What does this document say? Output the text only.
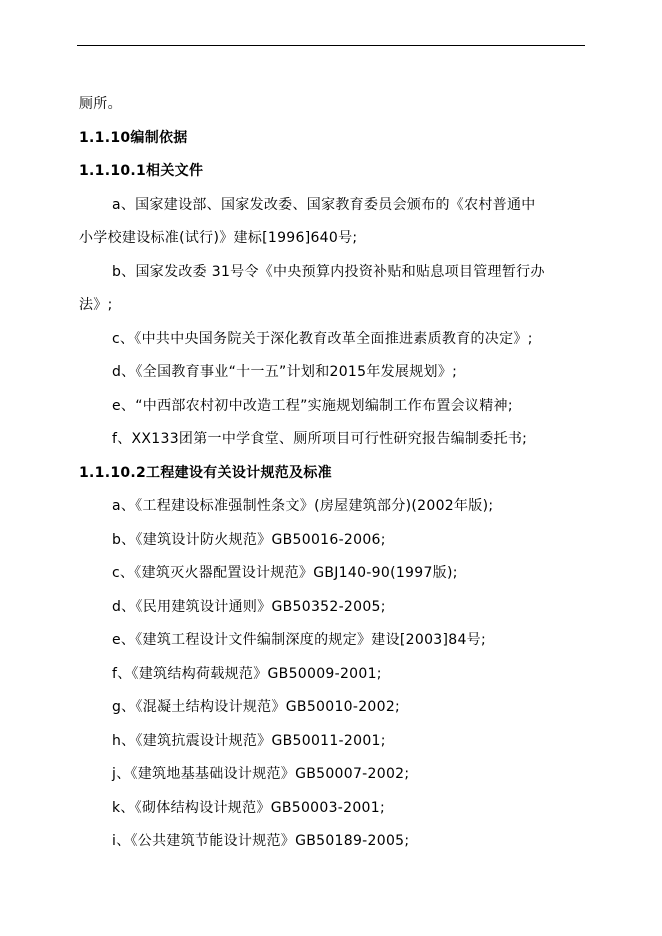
厕所。
1.1.10编制依据
1.1.10.1相关文件
a、国家建设部、国家发改委、国家教育委员会颁布的《农村普通中
小学校建设标准(试行)》建标[1996]640号;
b、国家发改委 31号令《中央预算内投资补贴和贴息项目管理暂行办
法》;
c、《中共中央国务院关于深化教育改革全面推进素质教育的决定》;
d、《全国教育事业“十一五”计划和2015年发展规划》;
e、“中西部农村初中改造工程”实施规划编制工作布置会议精神;
f、XX133团第一中学食堂、厕所项目可行性研究报告编制委托书;
1.1.10.2工程建设有关设计规范及标准
a、《工程建设标准强制性条文》(房屋建筑部分)(2002年版);
b、《建筑设计防火规范》GB50016-2006;
c、《建筑灭火器配置设计规范》GBJ140-90(1997版);
d、《民用建筑设计通则》GB50352-2005;
e、《建筑工程设计文件编制深度的规定》建设[2003]84号;
f、《建筑结构荷载规范》GB50009-2001;
g、《混凝土结构设计规范》GB50010-2002;
h、《建筑抗震设计规范》GB50011-2001;
j、《建筑地基基础设计规范》GB50007-2002;
k、《砌体结构设计规范》GB50003-2001;
i、《公共建筑节能设计规范》GB50189-2005;
